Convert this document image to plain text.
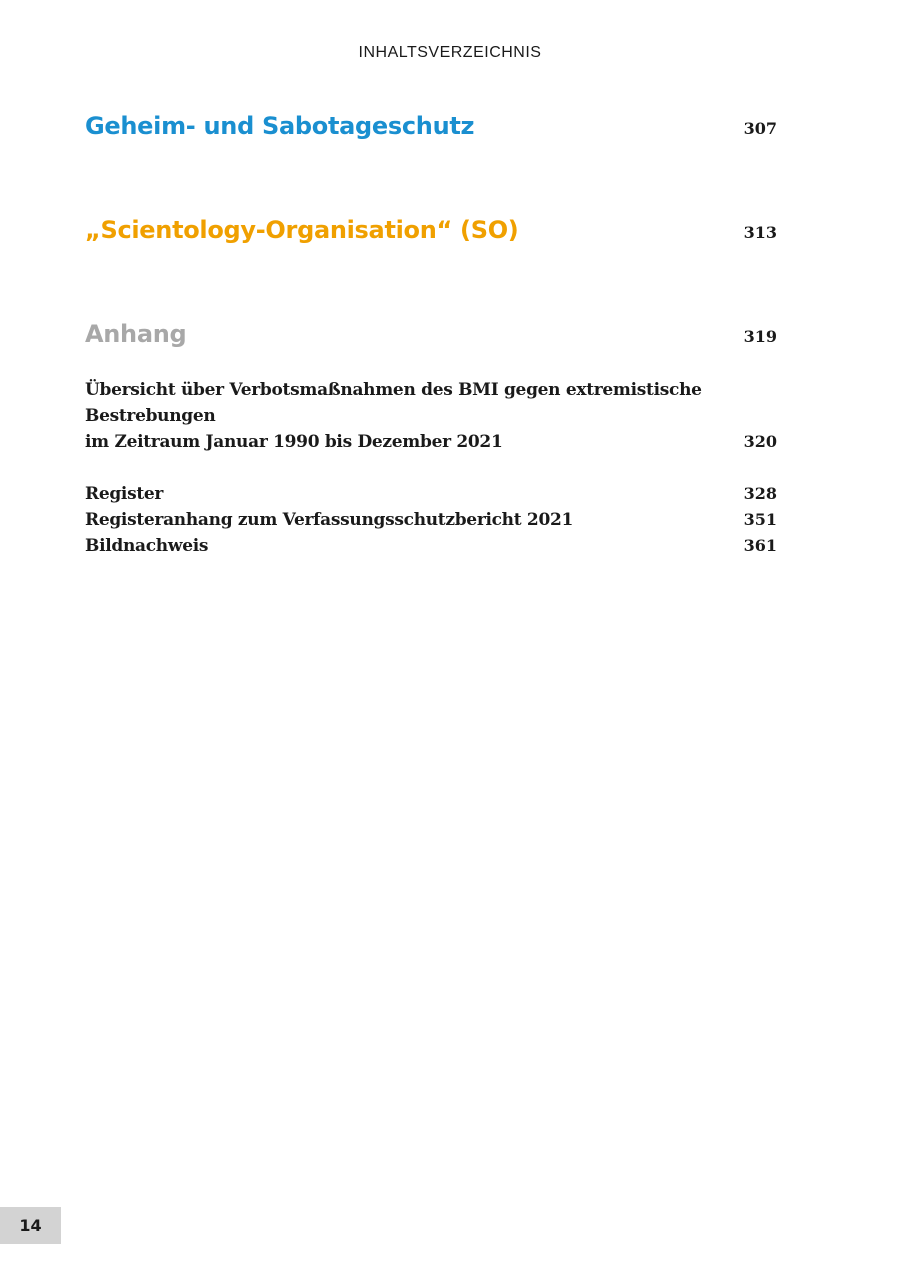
INHALTSVERZEICHNIS
Geheim- und Sabotageschutz	307
„Scientology-Organisation“ (SO)	313
Anhang	319
Übersicht über Verbotsmaßnahmen des BMI gegen extremistische Bestrebungen
im Zeitraum Januar 1990 bis Dezember 2021	320
Register	328
Registeranhang zum Verfassungsschutzbericht 2021	351
Bildnachweis	361
14
